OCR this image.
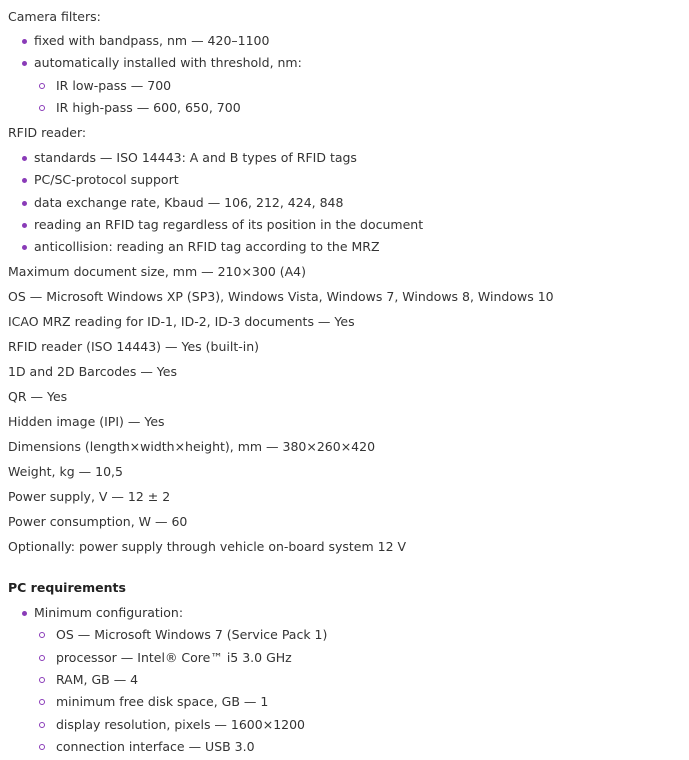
Camera filters:
fixed with bandpass, nm — 420–1100
automatically installed with threshold, nm:
IR low-pass — 700
IR high-pass — 600, 650, 700
RFID reader:
standards — ISO 14443: A and B types of RFID tags
PC/SC-protocol support
data exchange rate, Kbaud — 106, 212, 424, 848
reading an RFID tag regardless of its position in the document
anticollision: reading an RFID tag according to the MRZ
Maximum document size, mm — 210×300 (A4)
OS — Microsoft Windows XP (SP3), Windows Vista, Windows 7, Windows 8, Windows 10
ICAO MRZ reading for ID-1, ID-2, ID-3 documents — Yes
RFID reader (ISO 14443) — Yes (built-in)
1D and 2D Barcodes — Yes
QR — Yes
Hidden image (IPI) — Yes
Dimensions (length×width×height), mm — 380×260×420
Weight, kg — 10,5
Power supply, V — 12 ± 2
Power consumption, W — 60
Optionally: power supply through vehicle on-board system 12 V
PC requirements
Minimum configuration:
OS — Microsoft Windows 7 (Service Pack 1)
processor — Intel® Core™ i5 3.0 GHz
RAM, GB — 4
minimum free disk space, GB — 1
display resolution, pixels — 1600×1200
connection interface — USB 3.0
